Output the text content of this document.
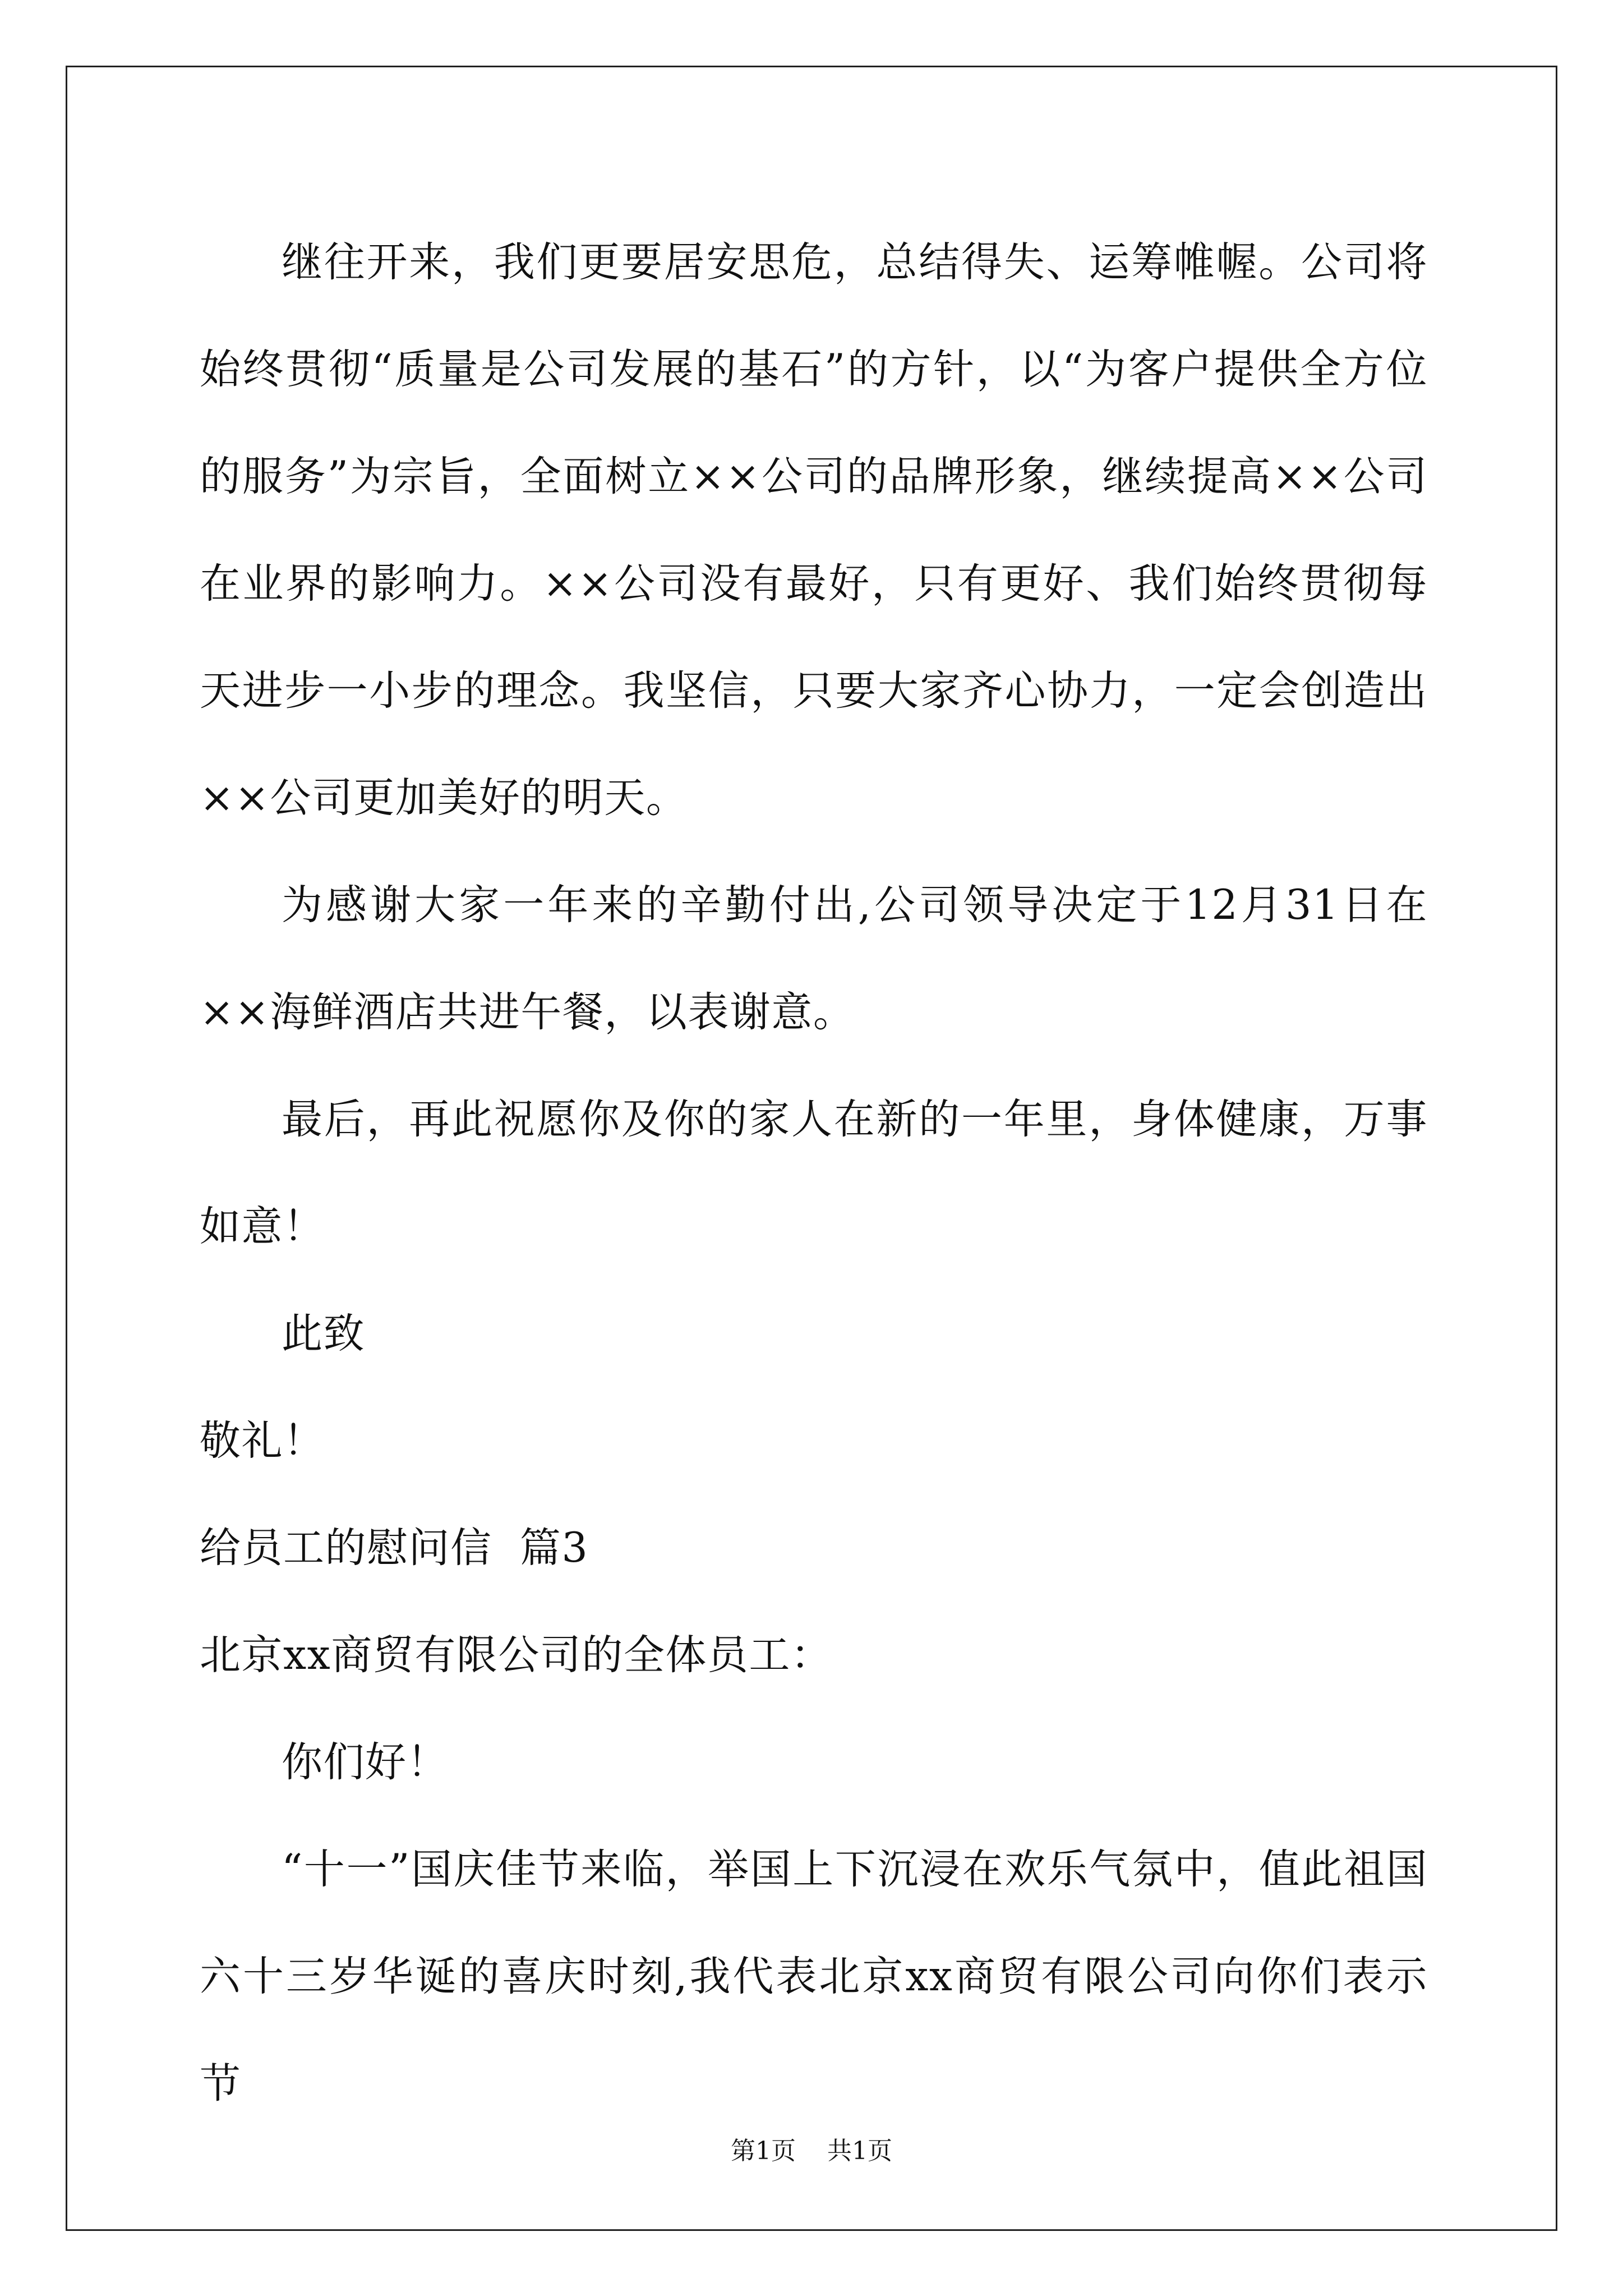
继往开来，我们更要居安思危，总结得失、运筹帷幄。公司将始终贯彻“质量是公司发展的基石”的方针，以“为客户提供全方位的服务”为宗旨，全面树立××公司的品牌形象，继续提高××公司在业界的影响力。××公司没有最好，只有更好、我们始终贯彻每天进步一小步的理念。我坚信，只要大家齐心协力，一定会创造出××公司更加美好的明天。

为感谢大家一年来的辛勤付出,公司领导决定于12月31日在××海鲜酒店共进午餐，以表谢意。

最后，再此祝愿你及你的家人在新的一年里，身体健康，万事如意！

此致

敬礼！

给员工的慰问信  篇3

北京xx商贸有限公司的全体员工：

你们好！

“十一”国庆佳节来临，举国上下沉浸在欢乐气氛中，值此祖国六十三岁华诞的喜庆时刻,我代表北京xx商贸有限公司向你们表示节

第1页    共1页
